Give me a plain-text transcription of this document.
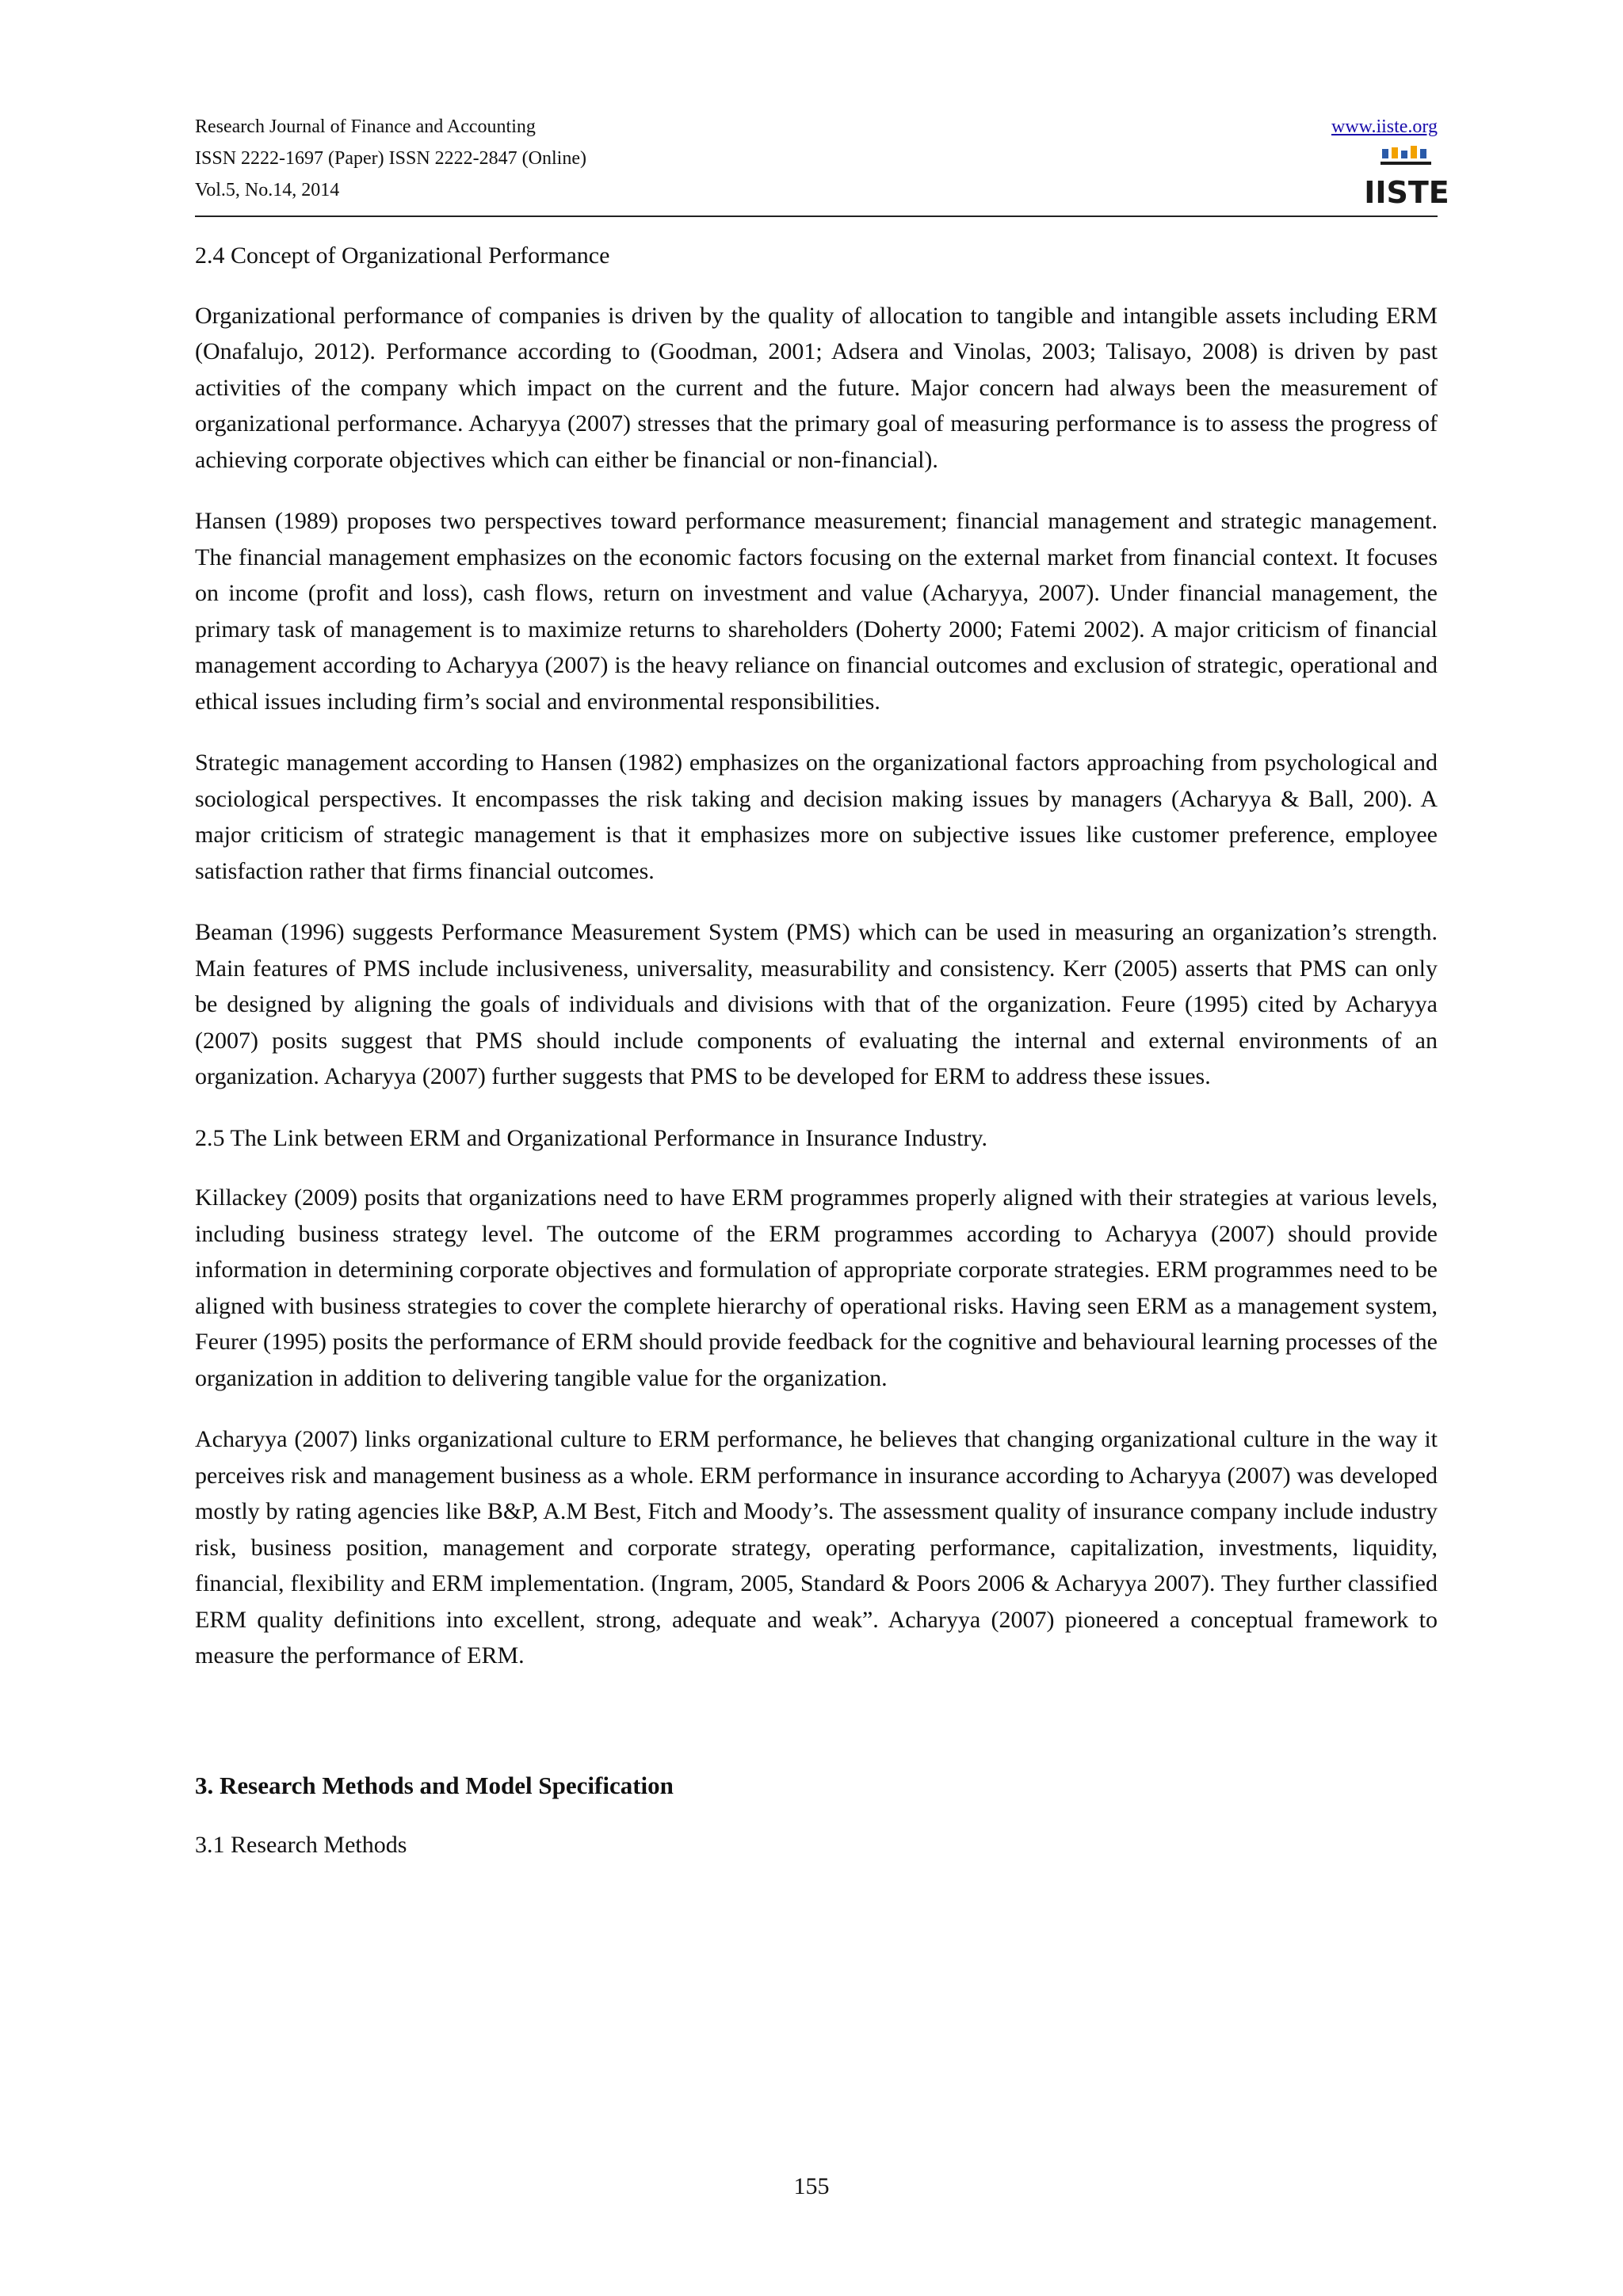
Research Journal of Finance and Accounting
ISSN 2222-1697 (Paper) ISSN 2222-2847 (Online)
Vol.5, No.14, 2014
www.iiste.org
IISTE
2.4 Concept of Organizational Performance

Organizational performance of companies is driven by the quality of allocation to tangible and intangible assets including ERM (Onafalujo, 2012). Performance according to (Goodman, 2001; Adsera and Vinolas, 2003; Talisayo, 2008) is driven by past activities of the company which impact on the current and the future. Major concern had always been the measurement of organizational performance. Acharyya (2007) stresses that the primary goal of measuring performance is to assess the progress of achieving corporate objectives which can either be financial or non-financial).

Hansen (1989) proposes two perspectives toward performance measurement; financial management and strategic management. The financial management emphasizes on the economic factors focusing on the external market from financial context. It focuses on income (profit and loss), cash flows, return on investment and value (Acharyya, 2007). Under financial management, the primary task of management is to maximize returns to shareholders (Doherty 2000; Fatemi 2002). A major criticism of financial management according to Acharyya (2007) is the heavy reliance on financial outcomes and exclusion of strategic, operational and ethical issues including firm’s social and environmental responsibilities.

Strategic management according to Hansen (1982) emphasizes on the organizational factors approaching from psychological and sociological perspectives. It encompasses the risk taking and decision making issues by managers (Acharyya & Ball, 200). A major criticism of strategic management is that it emphasizes more on subjective issues like customer preference, employee satisfaction rather that firms financial outcomes.

Beaman (1996) suggests Performance Measurement System (PMS) which can be used in measuring an organization’s strength. Main features of PMS include inclusiveness, universality, measurability and consistency. Kerr (2005) asserts that PMS can only be designed by aligning the goals of individuals and divisions with that of the organization. Feure (1995) cited by Acharyya (2007) posits suggest that PMS should include components of evaluating the internal and external environments of an organization. Acharyya (2007) further suggests that PMS to be developed for ERM to address these issues.

2.5 The Link between ERM and Organizational Performance in Insurance Industry.

Killackey (2009) posits that organizations need to have ERM programmes properly aligned with their strategies at various levels, including business strategy level. The outcome of the ERM programmes according to Acharyya (2007) should provide information in determining corporate objectives and formulation of appropriate corporate strategies. ERM programmes need to be aligned with business strategies to cover the complete hierarchy of operational risks. Having seen ERM as a management system, Feurer (1995) posits the performance of ERM should provide feedback for the cognitive and behavioural learning processes of the organization in addition to delivering tangible value for the organization.

Acharyya (2007) links organizational culture to ERM performance, he believes that changing organizational culture in the way it perceives risk and management business as a whole. ERM performance in insurance according to Acharyya (2007) was developed mostly by rating agencies like B&P, A.M Best, Fitch and Moody’s. The assessment quality of insurance company include industry risk, business position, management and corporate strategy, operating performance, capitalization, investments, liquidity, financial, flexibility and ERM implementation. (Ingram, 2005, Standard & Poors 2006 & Acharyya 2007). They further classified ERM quality definitions into excellent, strong, adequate and weak”. Acharyya (2007) pioneered a conceptual framework to measure the performance of ERM.

3. Research Methods and Model Specification
3.1 Research Methods
155
